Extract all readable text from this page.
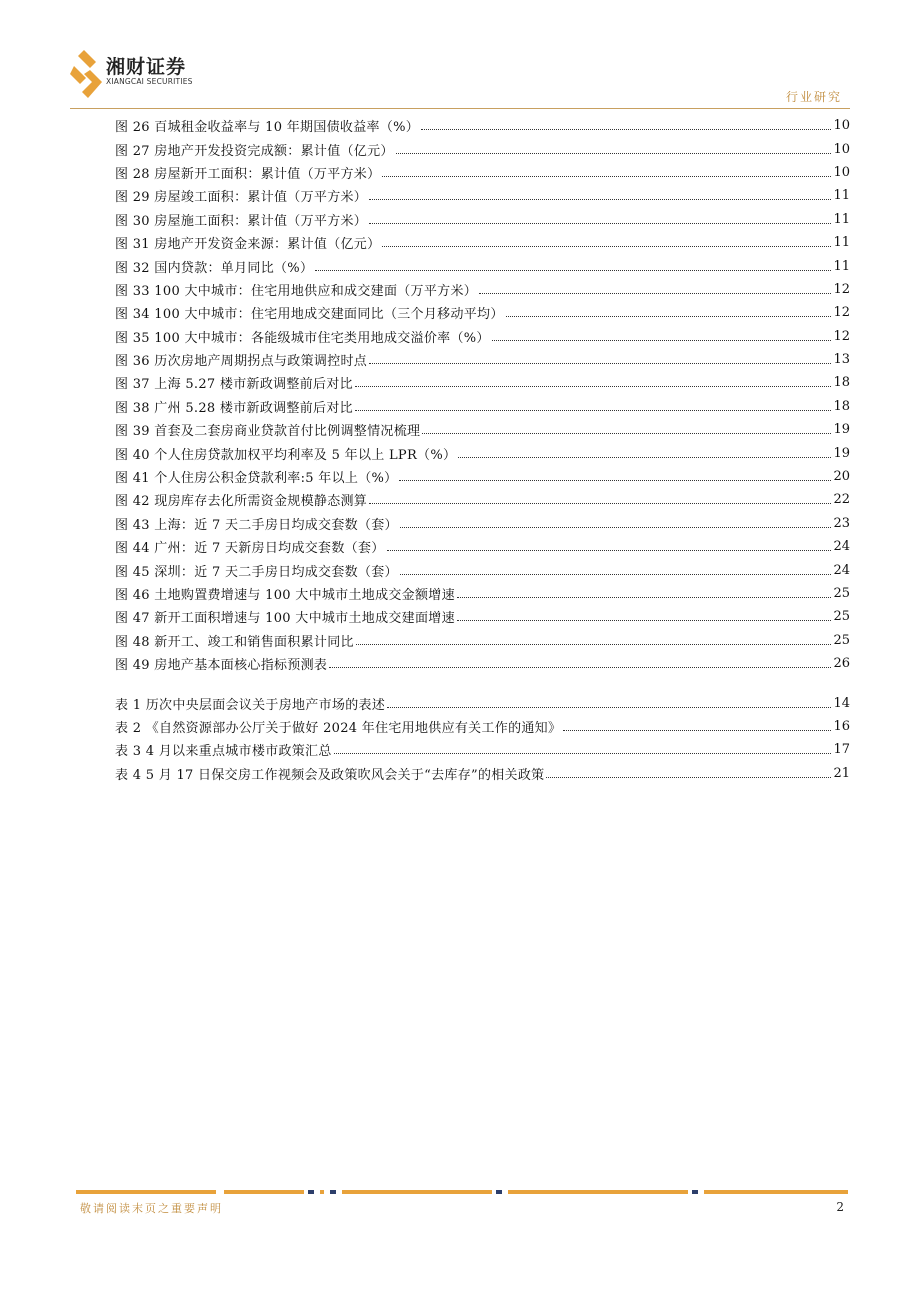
湘财证券
XIANGCAI SECURITIES
行业研究
图 26 百城租金收益率与 10 年期国债收益率（%）	10
图 27 房地产开发投资完成额：累计值（亿元）	10
图 28 房屋新开工面积：累计值（万平方米）	10
图 29 房屋竣工面积：累计值（万平方米）	11
图 30 房屋施工面积：累计值（万平方米）	11
图 31 房地产开发资金来源：累计值（亿元）	11
图 32 国内贷款：单月同比（%）	11
图 33 100 大中城市：住宅用地供应和成交建面（万平方米）	12
图 34 100 大中城市：住宅用地成交建面同比（三个月移动平均）	12
图 35 100 大中城市：各能级城市住宅类用地成交溢价率（%）	12
图 36 历次房地产周期拐点与政策调控时点	13
图 37 上海 5.27 楼市新政调整前后对比	18
图 38 广州 5.28 楼市新政调整前后对比	18
图 39 首套及二套房商业贷款首付比例调整情况梳理	19
图 40 个人住房贷款加权平均利率及 5 年以上 LPR（%）	19
图 41 个人住房公积金贷款利率:5 年以上（%）	20
图 42 现房库存去化所需资金规模静态测算	22
图 43 上海：近 7 天二手房日均成交套数（套）	23
图 44 广州：近 7 天新房日均成交套数（套）	24
图 45 深圳：近 7 天二手房日均成交套数（套）	24
图 46 土地购置费增速与 100 大中城市土地成交金额增速	25
图 47 新开工面积增速与 100 大中城市土地成交建面增速	25
图 48 新开工、竣工和销售面积累计同比	25
图 49 房地产基本面核心指标预测表	26
表 1 历次中央层面会议关于房地产市场的表述	14
表 2 《自然资源部办公厅关于做好 2024 年住宅用地供应有关工作的通知》	16
表 3 4 月以来重点城市楼市政策汇总	17
表 4 5 月 17 日保交房工作视频会及政策吹风会关于“去库存”的相关政策	21
敬请阅读末页之重要声明	2
